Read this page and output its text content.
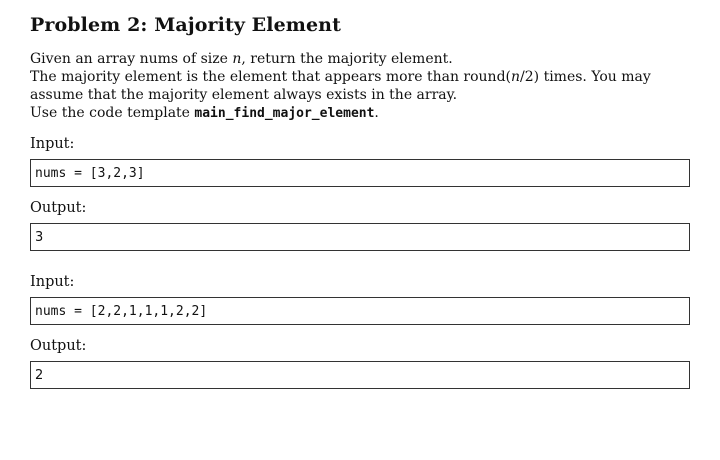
Problem 2: Majority Element

Given an array nums of size n, return the majority element.
The majority element is the element that appears more than round(n/2) times. You may assume that the majority element always exists in the array.
Use the code template main_find_major_element.

Input:
nums = [3,2,3]
Output:
3
Input:
nums = [2,2,1,1,1,2,2]
Output:
2
